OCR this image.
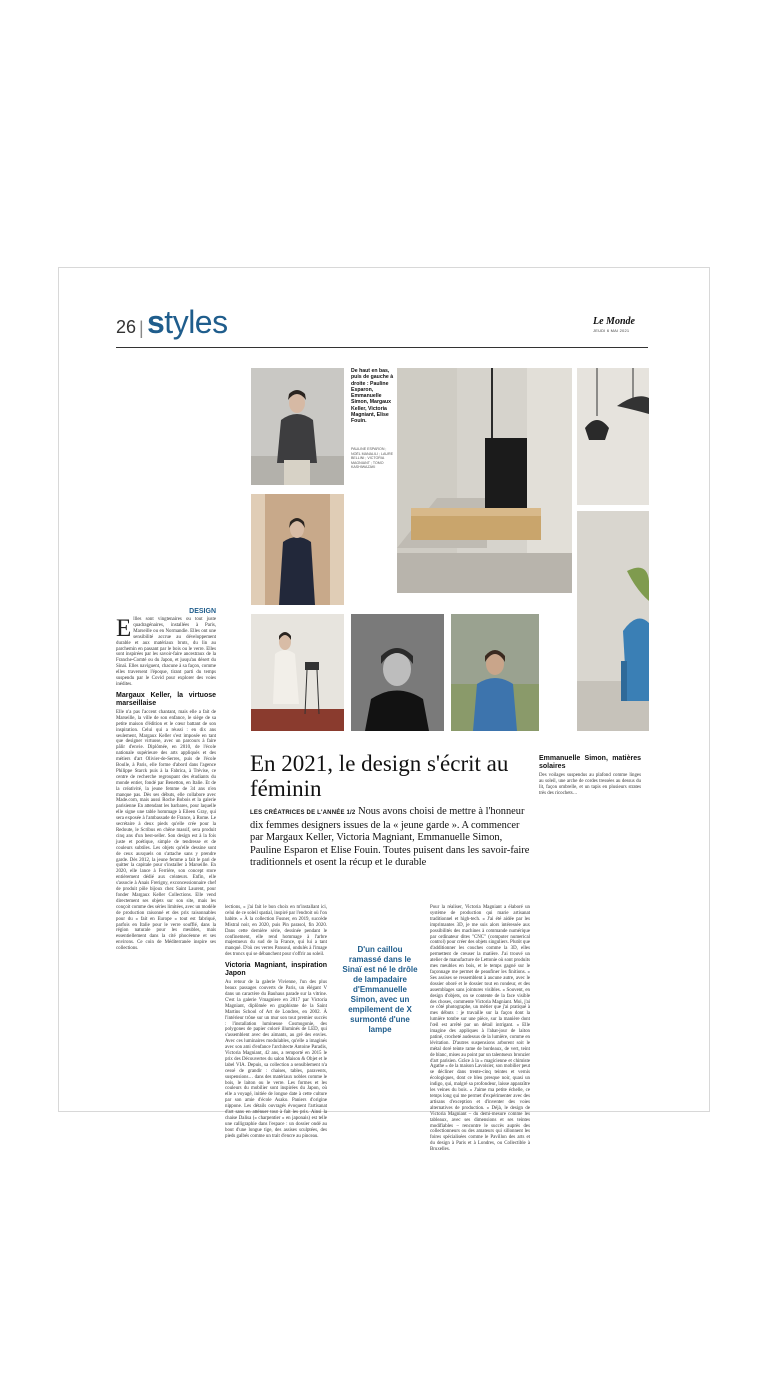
26 | styles	Le Monde
JEUDI 6 MAI 2021
De haut en bas, puis de gauche à droite : Pauline Esparon, Emmanuelle Simon, Margaux Keller, Victoria Magniant, Elise Fouin.
PAULINE ESPARON ; NOËL MANALILI ; LAURE BELLINI ; VICTORIA MAGNIANT ; TOMO KASHIWAZAKI
DESIGN

E llles sont vingtenaires ou tout juste quadragénaires, installées à Paris, Marseille ou en Normandie. Elles ont une sensibilité accrue au développement durable et aux matériaux bruts, du lin au parchemin en passant par le bois ou le verre. Elles sont inspirées par les savoir-faire ancestraux de la Franche-Comté ou du Japon, et jusqu'au désert du Sinaï. Elles naviguent, chacune à sa façon, comme elles traversent l'époque, tirant parti du temps suspendu par le Covid pour explorer des voies inédites.

Margaux Keller, la virtuose marseillaise

Elle n'a pas l'accent chantant, mais elle a fait de Marseille, la ville de son enfance, le siège de sa petite maison d'édition et le cœur battant de son inspiration. Celui qui a réussi : en dix ans seulement, Margaux Keller s'est imposée en tant que designer virtuose, avec un parcours à faire pâlir d'envie. Diplômée, en 2010, de l'école nationale supérieure des arts appliqués et des métiers d'art Olivier-de-Serres, puis de l'école Boulle, à Paris, elle forme d'abord dans l'agence Philippe Starck puis à la Fabrica, à Trévise, ce centre de recherche regroupant des étudiants du monde entier, fondé par Benetton, en Italie. Et de la créativité, la jeune femme de 34 ans n'en manque pas. Dès ses débuts, elle collabore avec Made.com, mais aussi Roche Bobois et la galerie parisienne En attendant les barbares, pour laquelle elle signe une table hommage à Eileen Gray, qui sera exposée à l'ambassade de France, à Rome. Le secrétaire à deux pieds qu'elle crée pour la Redoute, le Scribus en chêne massif, sera produit cinq ans d'un best-seller. Son design est à la fois juste et poétique, simple de tendresse et de couleurs subtiles. Les objets qu'elle dessine sont de ceux auxquels on s'attache sans y prendre garde. Dès 2012, la jeune femme a fait le pari de quitter la capitale pour s'installer à Marseille. En 2020, elle lance à Ferrière, son concept store entièrement dédié aux créateurs. Enfin, elle s'associe à Anais Frerigny, exconcessionnaire chef de produit pôle bijoux chez Saint Laurent, pour fonder Margaux Keller Collections. Elle vend directement ses objets sur son site, mais les conçoit comme des séries limitées, avec un modèle de production raisonné et des prix raisonnables pour du « fait en Europe » tout est fabriqué, parfois en Italie pour le verre soufflé, dans la région naturale pour les meubles, mais essentiellement dans la cité phocéenne et ses environs. Ce coin de Méditerranée inspire ses collections.

En 2021, le design s'écrit au féminin
LES CRÉATRICES DE L'ANNÉE 1/2 Nous avons choisi de mettre à l'honneur dix femmes designers issues de la « jeune garde ». A commencer par Margaux Keller, Victoria Magniant, Emmanuelle Simon, Pauline Esparon et Elise Fouin. Toutes puisent dans les savoir-faire traditionnels et osent la récup et le durable

lections, « j'ai fait le bon choix en m'installant ici, celui de ce soleil spatial, inspiré par l'endroit où l'on habite. » À la collection Fusner, en 2019, succède Mistral noir, en 2020, puis Pin parasol, fin 2020. Dans cette dernière série, dessinée pendant le confinement, elle rend hommage à l'arbre majestueux du sud de la France, qui lui a tant manqué. D'où ces verres Pansoul, ondulés à l'image des troncs qui se débanchent pour s'offrir au soleil.

Victoria Magniant, inspiration Japon

Au retour de la galerie Vivienne, l'un des plus beaux passages couverts de Paris, un élégant V dans un caractère du Bauhaus parade sur la vitrine. C'est la galerie Vmagniere en 2017 par Victoria Magniant, diplômée en graphisme de la Saint Martins School of Art de Londres, en 2002. À l'intérieur trône sur un mur son tout premier succès : l'installation lumineuse Cosmogonie, des polygones de papier coloré illuminés de LED, qui s'assemblent avec des aimants, au gré des envies. Avec ces luminaires modulables, qu'elle a imaginés avec son ami d'enfance l'architecte Antoine Paradis, Victoria Magniant, 42 ans, a remporté en 2015 le prix des Découvertes du salon Maison & Objet et le label VIA. Depuis, sa collection a sensiblement n'a cessé de grandir : chaises, tables, paravents, suspensions… dans des matériaux nobles comme le bois, le laiton ou le verre. Les formes et les couleurs du mobilier sont inspirées du Japon, où elle a voyagé, initiée de longue date à cette culture par son amie d'école Asako. Paniers d'origine nippone. Les détails ouvragés évoquent l'artisanat d'art sans en atténuer tout à fait les prix. Ainsi la chaise Dalisa (« charpentier » en japonais) est telle une calligraphie dans l'espace : un dossier ondé au bout d'une longue tige, des assises sculptées, des pieds galbés comme un trait d'encre au pinceau.

D'un caillou ramassé dans le Sinaï est né le drôle de lampadaire d'Emmanuelle Simon, avec un empilement de X surmonté d'une lampe

Pour la réaliser, Victoria Magniant a élaboré un système de production qui marie artisanat traditionnel et high-tech. « J'ai été aidée par les imprimantes 3D, je me suis alors intéressée aux possibilités des machines à commande numérique par ordinateur dites "CNC" (computer numerical control) pour créer des objets singuliers. Plutôt que d'additionner les couches comme la 3D, elles permettent de creuser la matière. J'ai trouvé un atelier de manufacture de Lettonie où sont produits mes meubles en bois, et le temps gagné sur le façonnage me permet de peaufiner les finitions. » Ses assises se ressemblent à aucune autre, avec le dossier oboré et le dossier tout en rondeur, et des assemblages sans jointures visibles. « Souvent, en design d'objets, on se contente de la face visible des choses, commente Victoria Magniant. Moi, j'ai ce côté photographe, un métier que j'ai pratiqué à mes débuts : je travaille sur la façon dont la lumière tombe sur une pièce, sur la manière dont l'œil est arrêté par un détail intrigant. » Elle imagine des appliques à l'abat-jour de laiton patiné, crocheté audessus de la lumière, comme en lévitation. D'autres suspensions arborent soit le métal doré teinte rame de bordeaux, de vert, teint de blanc, mises au point par un talentueux bronzier d'art parisien. Grâce à la « magicienne et chimiste Agathe » de la maison Lavoisier, son mobilier peut se décliner dans trente-cinq teintes et vernis écologiques, dont ce bleu presque noir, quasi un indigo, qui, malgré sa profondeur, laisse apparaître les veines du bois. « J'aime ma petite échelle, ce temps long qui me permet d'expérimenter avec des artisans d'exception et d'inventer des voies alternatives de production. » Déjà, le design de Victoria Magniant – du demi-mesure comme les tableaux, avec ses dimensions et ses teintes modifiables – rencontre le succès auprès des collectionneurs ou des amateurs qui sillonnent les foires spécialisées comme le Pavillon des arts et du design à Paris et à Londres, ou Collectible à Bruxelles.

Emmanuelle Simon, matières solaires

Des voilages suspendus au plafond comme linges au soleil, une arche de cordes tressées au dessus du lit, façon ombrelle, et un tapis en plusieurs strates très des ricochets…
